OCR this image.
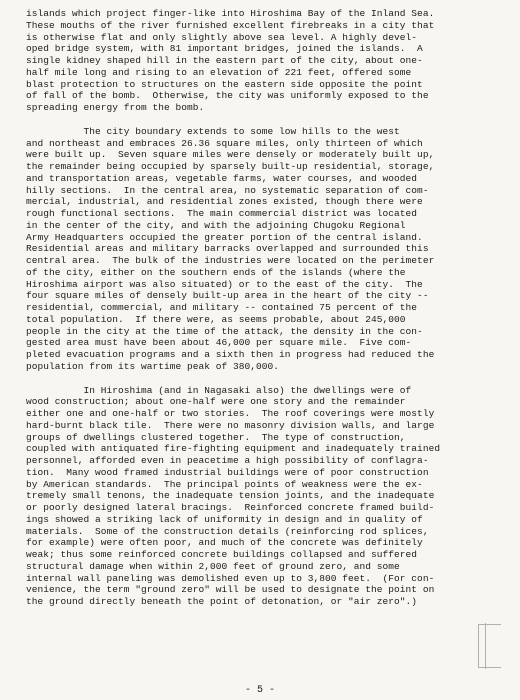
islands which project finger-like into Hiroshima Bay of the Inland Sea.
These mouths of the river furnished excellent firebreaks in a city that
is otherwise flat and only slightly above sea level. A highly devel-
oped bridge system, with 81 important bridges, joined the islands.  A
single kidney shaped hill in the eastern part of the city, about one-
half mile long and rising to an elevation of 221 feet, offered some
blast protection to structures on the eastern side opposite the point
of fall of the bomb.  Otherwise, the city was uniformly exposed to the
spreading energy from the bomb.
The city boundary extends to some low hills to the west
and northeast and embraces 26.36 square miles, only thirteen of which
were built up.  Seven square miles were densely or moderately built up,
the remainder being occupied by sparsely built-up residential, storage,
and transportation areas, vegetable farms, water courses, and wooded
hilly sections.  In the central area, no systematic separation of com-
mercial, industrial, and residential zones existed, though there were
rough functional sections.  The main commercial district was located
in the center of the city, and with the adjoining Chugoku Regional
Army Headquarters occupied the greater portion of the central island.
Residential areas and military barracks overlapped and surrounded this
central area.  The bulk of the industries were located on the perimeter
of the city, either on the southern ends of the islands (where the
Hiroshima airport was also situated) or to the east of the city.  The
four square miles of densely built-up area in the heart of the city --
residential, commercial, and military -- contained 75 percent of the
total population.  If there were, as seems probable, about 245,000
people in the city at the time of the attack, the density in the con-
gested area must have been about 46,000 per square mile.  Five com-
pleted evacuation programs and a sixth then in progress had reduced the
population from its wartime peak of 380,000.
In Hiroshima (and in Nagasaki also) the dwellings were of
wood construction; about one-half were one story and the remainder
either one and one-half or two stories.  The roof coverings were mostly
hard-burnt black tile.  There were no masonry division walls, and large
groups of dwellings clustered together.  The type of construction,
coupled with antiquated fire-fighting equipment and inadequately trained
personnel, afforded even in peacetime a high possibility of conflagra-
tion.  Many wood framed industrial buildings were of poor construction
by American standards.  The principal points of weakness were the ex-
tremely small tenons, the inadequate tension joints, and the inadequate
or poorly designed lateral bracings.  Reinforced concrete framed build-
ings showed a striking lack of uniformity in design and in quality of
materials.  Some of the construction details (reinforcing rod splices,
for example) were often poor, and much of the concrete was definitely
weak; thus some reinforced concrete buildings collapsed and suffered
structural damage when within 2,000 feet of ground zero, and some
internal wall paneling was demolished even up to 3,800 feet.  (For con-
venience, the term "ground zero" will be used to designate the point on
the ground directly beneath the point of detonation, or "air zero".)
- 5 -
